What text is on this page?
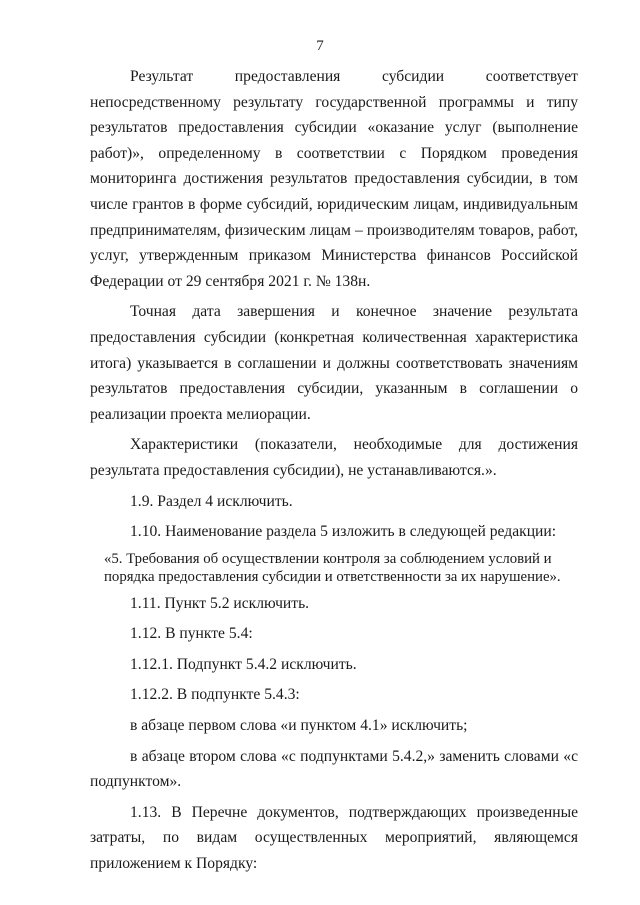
7

Результат предоставления субсидии соответствует непосредственному результату государственной программы и типу результатов предоставления субсидии «оказание услуг (выполнение работ)», определенному в соответствии с Порядком проведения мониторинга достижения результатов предоставления субсидии, в том числе грантов в форме субсидий, юридическим лицам, индивидуальным предпринимателям, физическим лицам – производителям товаров, работ, услуг, утвержденным приказом Министерства финансов Российской Федерации от 29 сентября 2021 г. № 138н.

Точная дата завершения и конечное значение результата предоставления субсидии (конкретная количественная характеристика итога) указывается в соглашении и должны соответствовать значениям результатов предоставления субсидии, указанным в соглашении о реализации проекта мелиорации.

Характеристики (показатели, необходимые для достижения результата предоставления субсидии), не устанавливаются.».

1.9. Раздел 4 исключить.

1.10. Наименование раздела 5 изложить в следующей редакции:

«5. Требования об осуществлении контроля за соблюдением условий и
порядка предоставления субсидии и ответственности за их нарушение».

1.11. Пункт 5.2 исключить.

1.12. В пункте 5.4:

1.12.1. Подпункт 5.4.2 исключить.

1.12.2. В подпункте 5.4.3:

в абзаце первом слова «и пунктом 4.1» исключить;

в абзаце втором слова «с подпунктами 5.4.2,» заменить словами «с подпунктом».

1.13. В Перечне документов, подтверждающих произведенные затраты, по видам осуществленных мероприятий, являющемся приложением к Порядку:
